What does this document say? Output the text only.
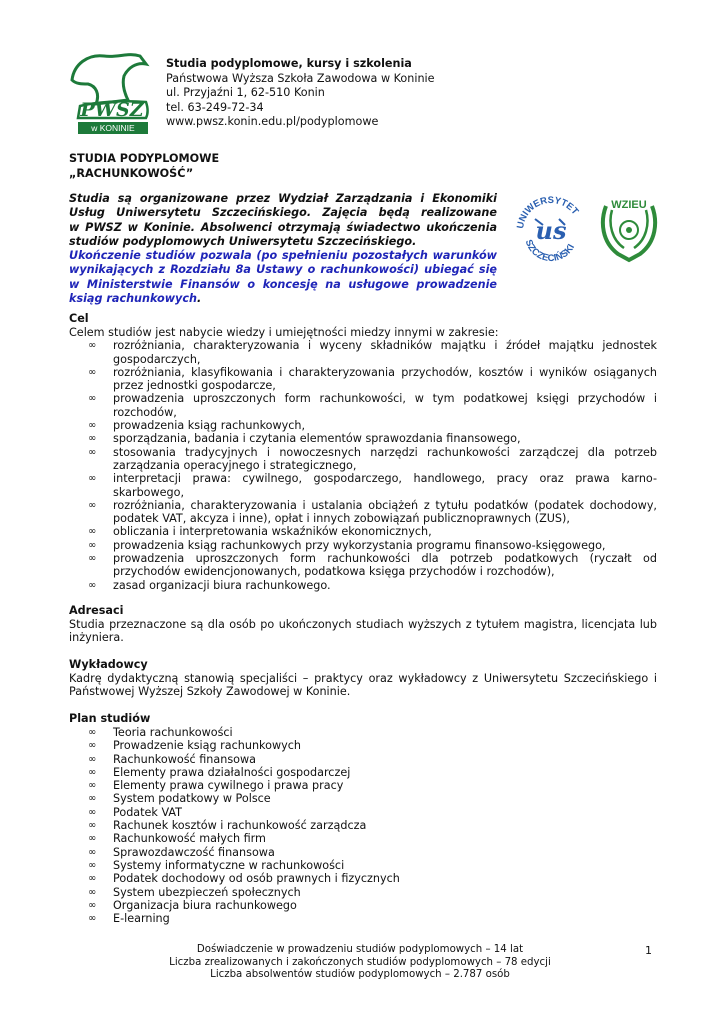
PWSZ
w KONINIE
Studia podyplomowe, kursy i szkolenia
Państwowa Wyższa Szkoła Zawodowa w Koninie
ul. Przyjaźni 1, 62-510 Konin
tel. 63-249-72-34
www.pwsz.konin.edu.pl/podyplomowe
STUDIA PODYPLOMOWE
„RACHUNKOWOŚĆ”
Studia są organizowane przez Wydział Zarządzania i Ekonomiki
Usług Uniwersytetu Szczecińskiego. Zajęcia będą realizowane
w PWSZ w Koninie. Absolwenci otrzymają świadectwo ukończenia
studiów podyplomowych Uniwersytetu Szczecińskiego.
Ukończenie studiów pozwala (po spełnieniu pozostałych warunków
wynikających z Rozdziału 8a Ustawy o rachunkowości) ubiegać się
w Ministerstwie Finansów o koncesję na usługowe prowadzenie
ksiąg rachunkowych.
UNIWERSYTET
SZCZECIŃSKI
us
WZIEU
Cel
Celem studiów jest nabycie wiedzy i umiejętności miedzy innymi w zakresie:
∞ rozróżniania, charakteryzowania i wyceny składników majątku i źródeł majątku jednostek gospodarczych,
∞ rozróżniania, klasyfikowania i charakteryzowania przychodów, kosztów i wyników osiąganych przez jednostki gospodarcze,
∞ prowadzenia uproszczonych form rachunkowości, w tym podatkowej księgi przychodów i rozchodów,
∞ prowadzenia ksiąg rachunkowych,
∞ sporządzania, badania i czytania elementów sprawozdania finansowego,
∞ stosowania tradycyjnych i nowoczesnych narzędzi rachunkowości zarządczej dla potrzeb zarządzania operacyjnego i strategicznego,
∞ interpretacji prawa: cywilnego, gospodarczego, handlowego, pracy oraz prawa karno-skarbowego,
∞ rozróżniania, charakteryzowania i ustalania obciążeń z tytułu podatków (podatek dochodowy, podatek VAT, akcyza i inne), opłat i innych zobowiązań publicznoprawnych (ZUS),
∞ obliczania i interpretowania wskaźników ekonomicznych,
∞ prowadzenia ksiąg rachunkowych przy wykorzystania programu finansowo-księgowego,
∞ prowadzenia uproszczonych form rachunkowości dla potrzeb podatkowych (ryczałt od przychodów ewidencjonowanych, podatkowa księga przychodów i rozchodów),
∞ zasad organizacji biura rachunkowego.
Adresaci
Studia przeznaczone są dla osób po ukończonych studiach wyższych z tytułem magistra, licencjata lub inżyniera.
Wykładowcy
Kadrę dydaktyczną stanowią specjaliści – praktycy oraz wykładowcy z Uniwersytetu Szczecińskiego i Państwowej Wyższej Szkoły Zawodowej w Koninie.
Plan studiów
∞ Teoria rachunkowości
∞ Prowadzenie ksiąg rachunkowych
∞ Rachunkowość finansowa
∞ Elementy prawa działalności gospodarczej
∞ Elementy prawa cywilnego i prawa pracy
∞ System podatkowy w Polsce
∞ Podatek VAT
∞ Rachunek kosztów i rachunkowość zarządcza
∞ Rachunkowość małych firm
∞ Sprawozdawczość finansowa
∞ Systemy informatyczne w rachunkowości
∞ Podatek dochodowy od osób prawnych i fizycznych
∞ System ubezpieczeń społecznych
∞ Organizacja biura rachunkowego
∞ E-learning
Doświadczenie w prowadzeniu studiów podyplomowych – 14 lat
Liczba zrealizowanych i zakończonych studiów podyplomowych – 78 edycji
Liczba absolwentów studiów podyplomowych – 2.787 osób
1
